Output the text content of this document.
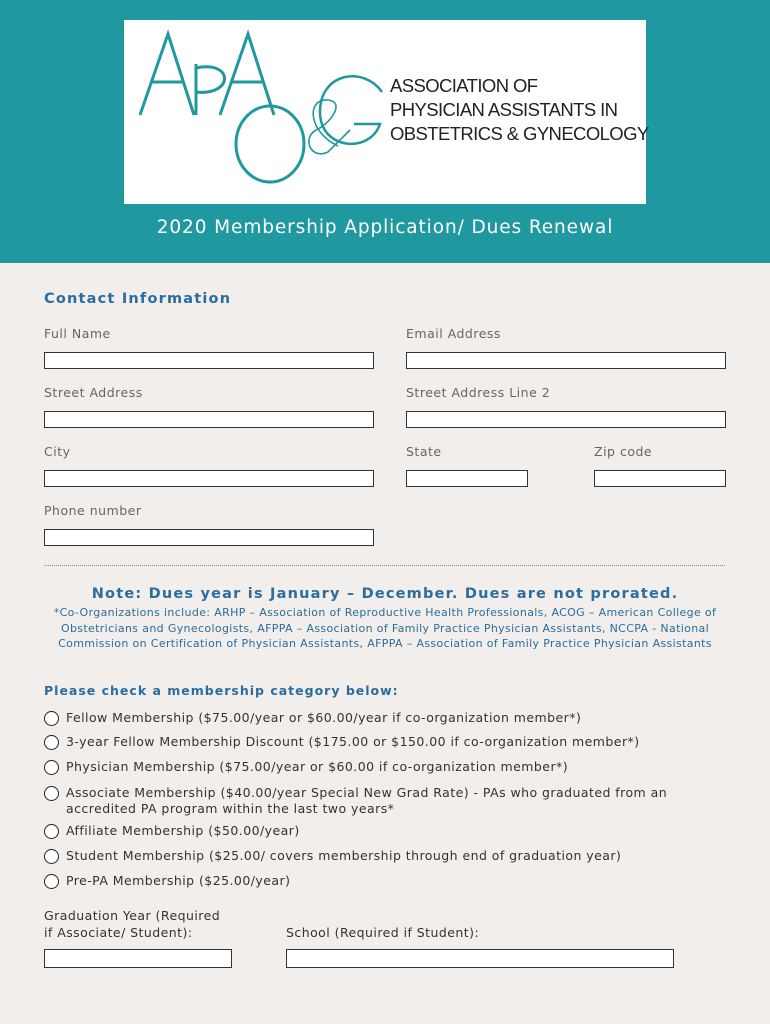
ASSOCIATION OF
PHYSICIAN ASSISTANTS IN
OBSTETRICS & GYNECOLOGY
2020 Membership Application/ Dues Renewal
Contact Information
Full Name	Email Address
Street Address	Street Address Line 2
City	State	Zip code
Phone number
Note: Dues year is January – December. Dues are not prorated.
*Co-Organizations include: ARHP – Association of Reproductive Health Professionals, ACOG – American College of Obstetricians and Gynecologists, AFPPA – Association of Family Practice Physician Assistants, NCCPA - National Commission on Certification of Physician Assistants, AFPPA – Association of Family Practice Physician Assistants
Please check a membership category below:
Fellow Membership ($75.00/year or $60.00/year if co-organization member*)
3-year Fellow Membership Discount ($175.00 or $150.00 if co-organization member*)
Physician Membership ($75.00/year or $60.00 if co-organization member*)
Associate Membership ($40.00/year Special New Grad Rate) - PAs who graduated from an accredited PA program within the last two years*
Affiliate Membership ($50.00/year)
Student Membership ($25.00/ covers membership through end of graduation year)
Pre-PA Membership ($25.00/year)
Graduation Year (Required
if Associate/ Student):	School (Required if Student):
